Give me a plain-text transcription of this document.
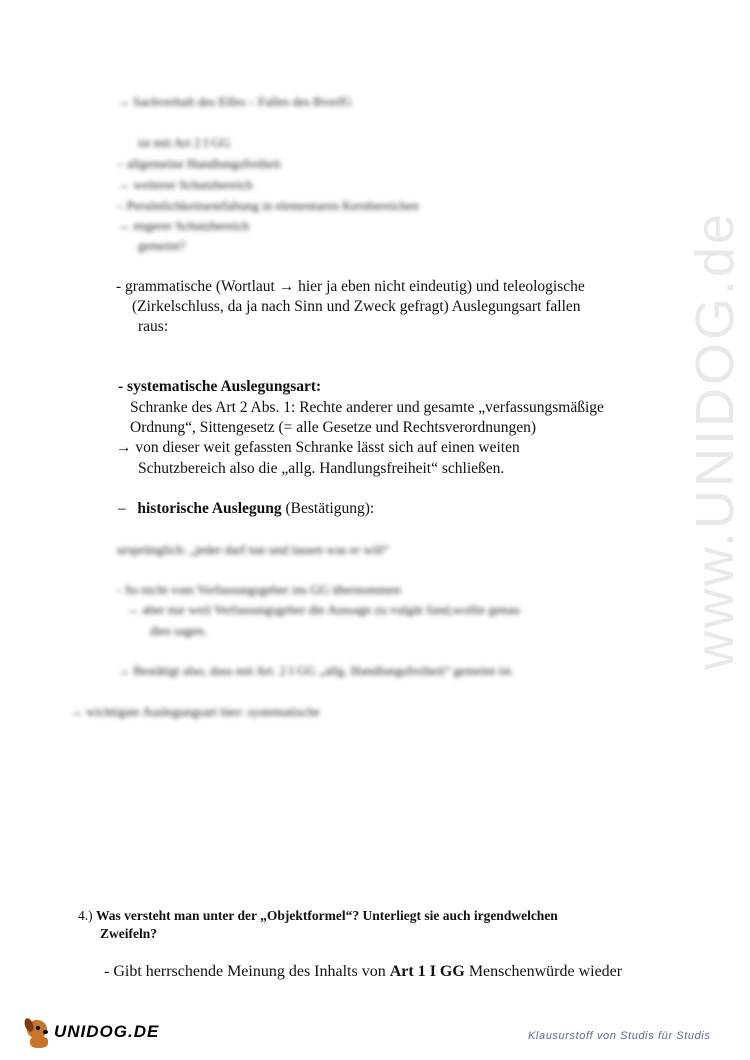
www.UNIDOG.de
→ Sachverhalt des Elfes – Falles des BverfG
ist mit Art 2 I GG
– allgemeine Handlungsfreiheit
→ weiterer Schutzbereich
– Persönlichkeitsentfaltung in elementaren Kernbereichen
→ engerer Schutzbereich
gemeint?
- grammatische (Wortlaut → hier ja eben nicht eindeutig) und teleologische
(Zirkelschluss, da ja nach Sinn und Zweck gefragt) Auslegungsart fallen
raus:
- systematische Auslegungsart:
Schranke des Art 2 Abs. 1: Rechte anderer und gesamte „verfassungsmäßige
Ordnung“, Sittengesetz (= alle Gesetze und Rechtsverordnungen)
→ von dieser weit gefassten Schranke lässt sich auf einen weiten
Schutzbereich also die „allg. Handlungsfreiheit“ schließen.
– historische Auslegung (Bestätigung):
ursprünglich: „jeder darf tun und lassen was er will“
- So nicht vom Verfassungsgeber ins GG übernommen
→ aber nur weil Verfassungsgeber die Aussage zu vulgär fand,wollte genau
dies sagen.
→ Bestätigt also, dass mit Art. 2 I GG „allg. Handlungsfreiheit“ gemeint ist.
→ wichtigste Auslegungsart hier: systematische
4.) Was versteht man unter der „Objektformel“? Unterliegt sie auch irgendwelchen
Zweifeln?
- Gibt herrschende Meinung des Inhalts von Art 1 I GG Menschenwürde wieder
UNIDOG.DE	Klausurstoff von Studis für Studis
